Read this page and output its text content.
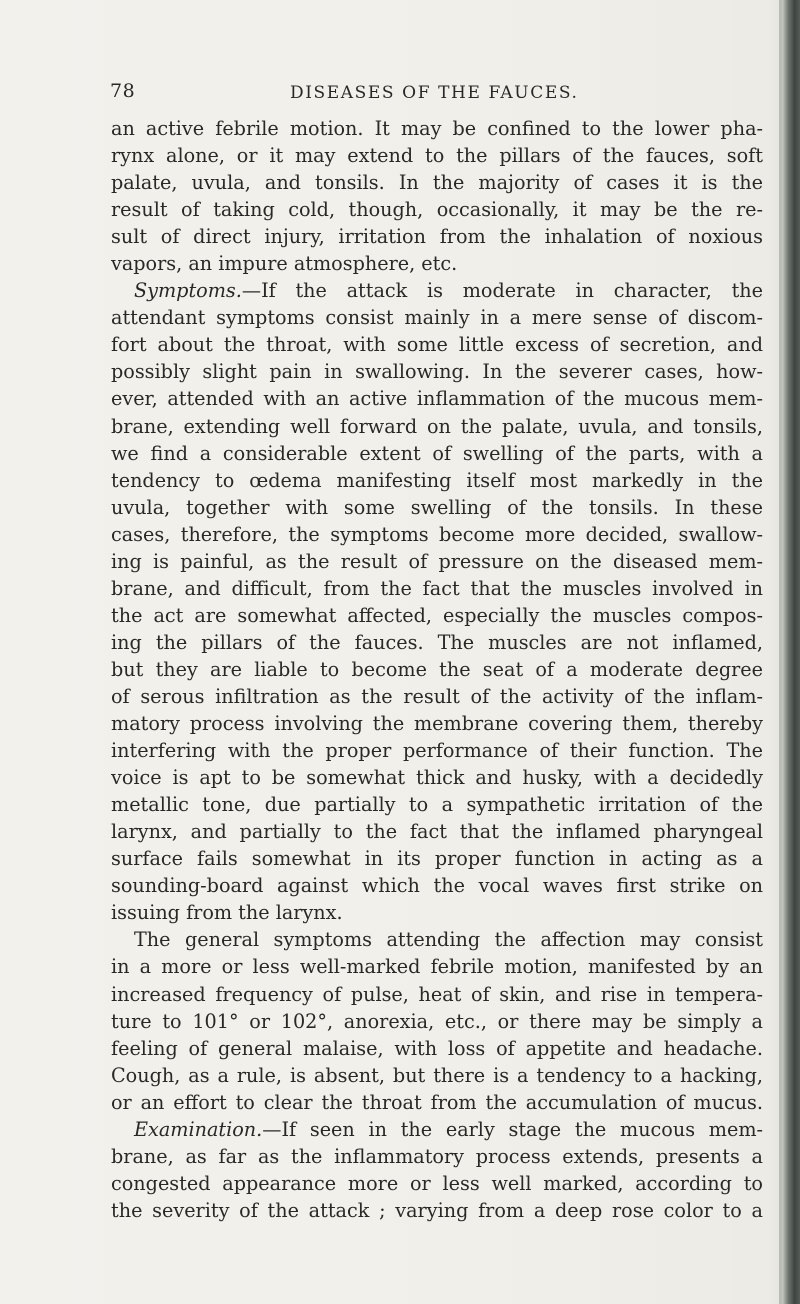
78	DISEASES OF THE FAUCES.
an active febrile motion. It may be confined to the lower pha-
rynx alone, or it may extend to the pillars of the fauces, soft
palate, uvula, and tonsils. In the majority of cases it is the
result of taking cold, though, occasionally, it may be the re-
sult of direct injury, irritation from the inhalation of noxious
vapors, an impure atmosphere, etc.
Symptoms.—If the attack is moderate in character, the
attendant symptoms consist mainly in a mere sense of discom-
fort about the throat, with some little excess of secretion, and
possibly slight pain in swallowing. In the severer cases, how-
ever, attended with an active inflammation of the mucous mem-
brane, extending well forward on the palate, uvula, and tonsils,
we find a considerable extent of swelling of the parts, with a
tendency to œdema manifesting itself most markedly in the
uvula, together with some swelling of the tonsils. In these
cases, therefore, the symptoms become more decided, swallow-
ing is painful, as the result of pressure on the diseased mem-
brane, and difficult, from the fact that the muscles involved in
the act are somewhat affected, especially the muscles compos-
ing the pillars of the fauces. The muscles are not inflamed,
but they are liable to become the seat of a moderate degree
of serous infiltration as the result of the activity of the inflam-
matory process involving the membrane covering them, thereby
interfering with the proper performance of their function. The
voice is apt to be somewhat thick and husky, with a decidedly
metallic tone, due partially to a sympathetic irritation of the
larynx, and partially to the fact that the inflamed pharyngeal
surface fails somewhat in its proper function in acting as a
sounding-board against which the vocal waves first strike on
issuing from the larynx.
The general symptoms attending the affection may consist
in a more or less well-marked febrile motion, manifested by an
increased frequency of pulse, heat of skin, and rise in tempera-
ture to 101° or 102°, anorexia, etc., or there may be simply a
feeling of general malaise, with loss of appetite and headache.
Cough, as a rule, is absent, but there is a tendency to a hacking,
or an effort to clear the throat from the accumulation of mucus.
Examination.—If seen in the early stage the mucous mem-
brane, as far as the inflammatory process extends, presents a
congested appearance more or less well marked, according to
the severity of the attack ; varying from a deep rose color to a
